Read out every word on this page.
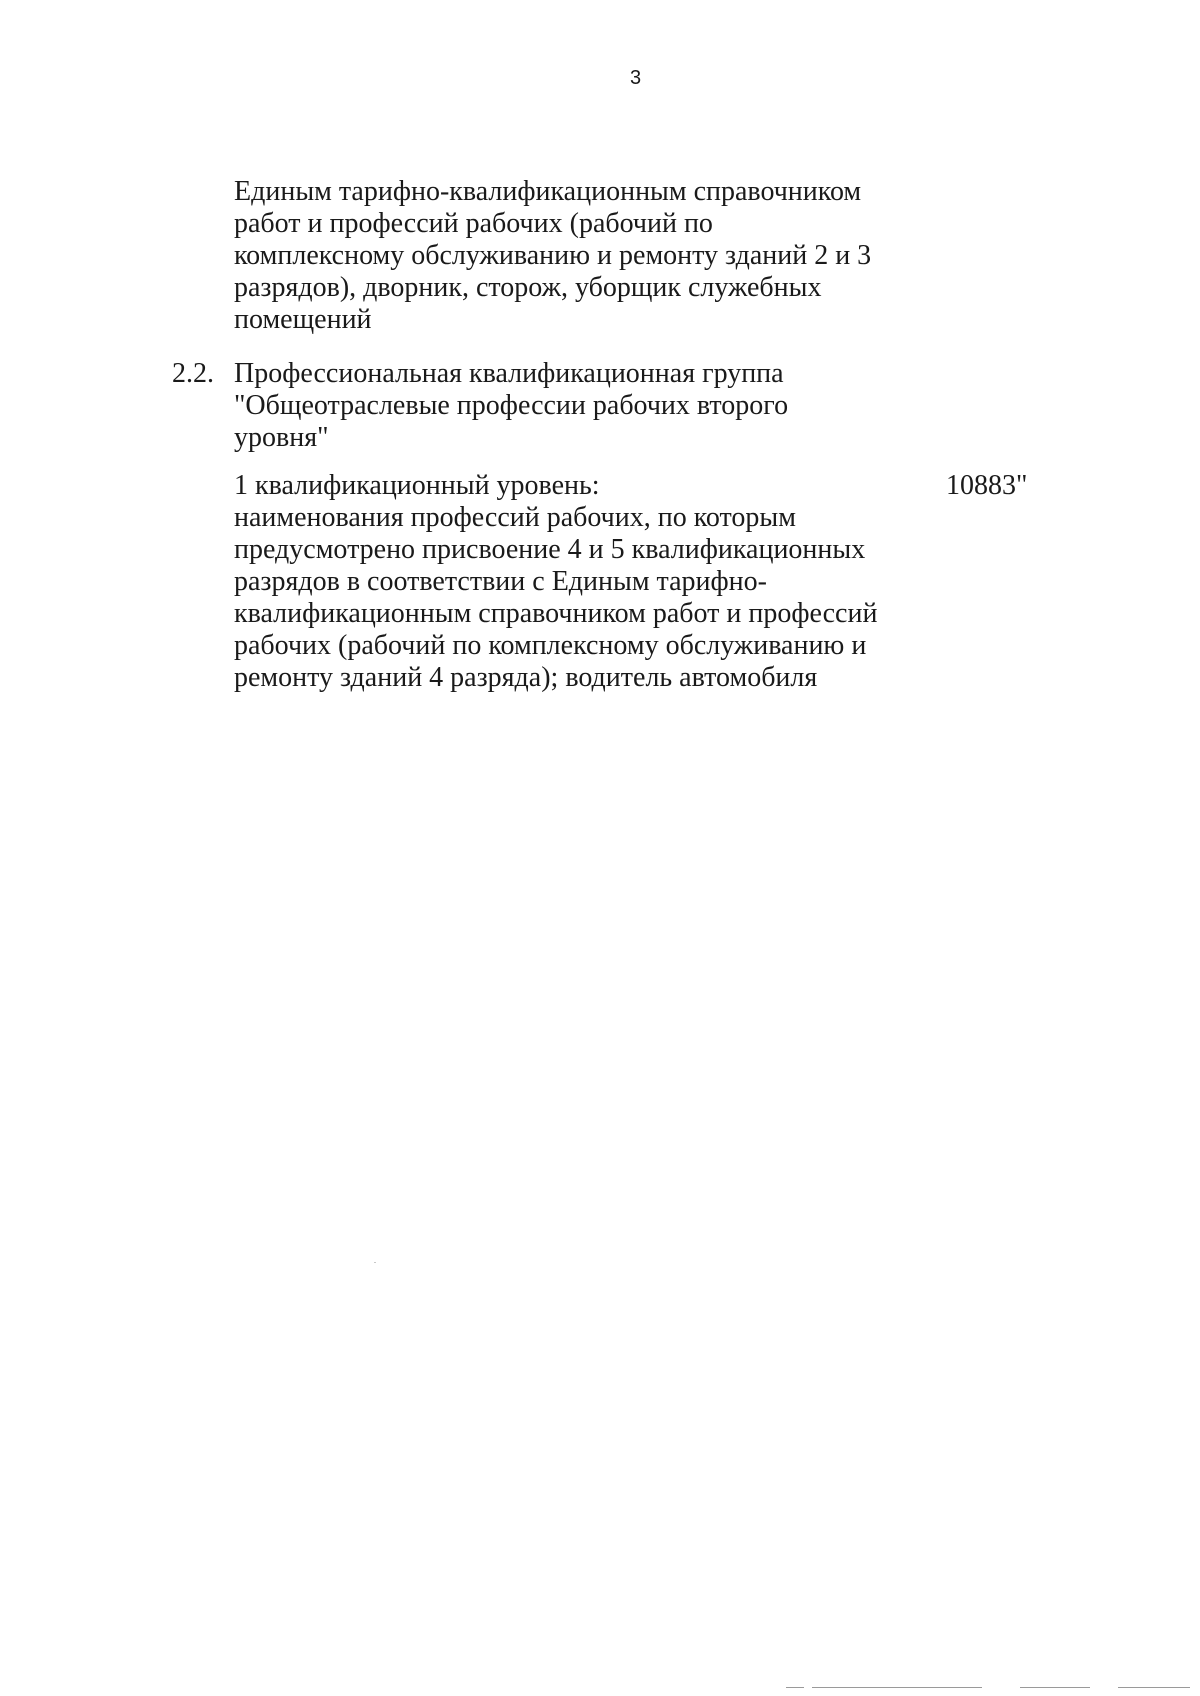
3
Единым тарифно-квалификационным справочником
работ и профессий рабочих (рабочий по
комплексному обслуживанию и ремонту зданий 2 и 3
разрядов), дворник, сторож, уборщик служебных
помещений
2.2. Профессиональная квалификационная группа
"Общеотраслевые профессии рабочих второго
уровня"
1 квалификационный уровень:
наименования профессий рабочих, по которым
предусмотрено присвоение 4 и 5 квалификационных
разрядов в соответствии с Единым тарифно-
квалификационным справочником работ и профессий
рабочих (рабочий по комплексному обслуживанию и
ремонту зданий 4 разряда); водитель автомобиля
10883"
